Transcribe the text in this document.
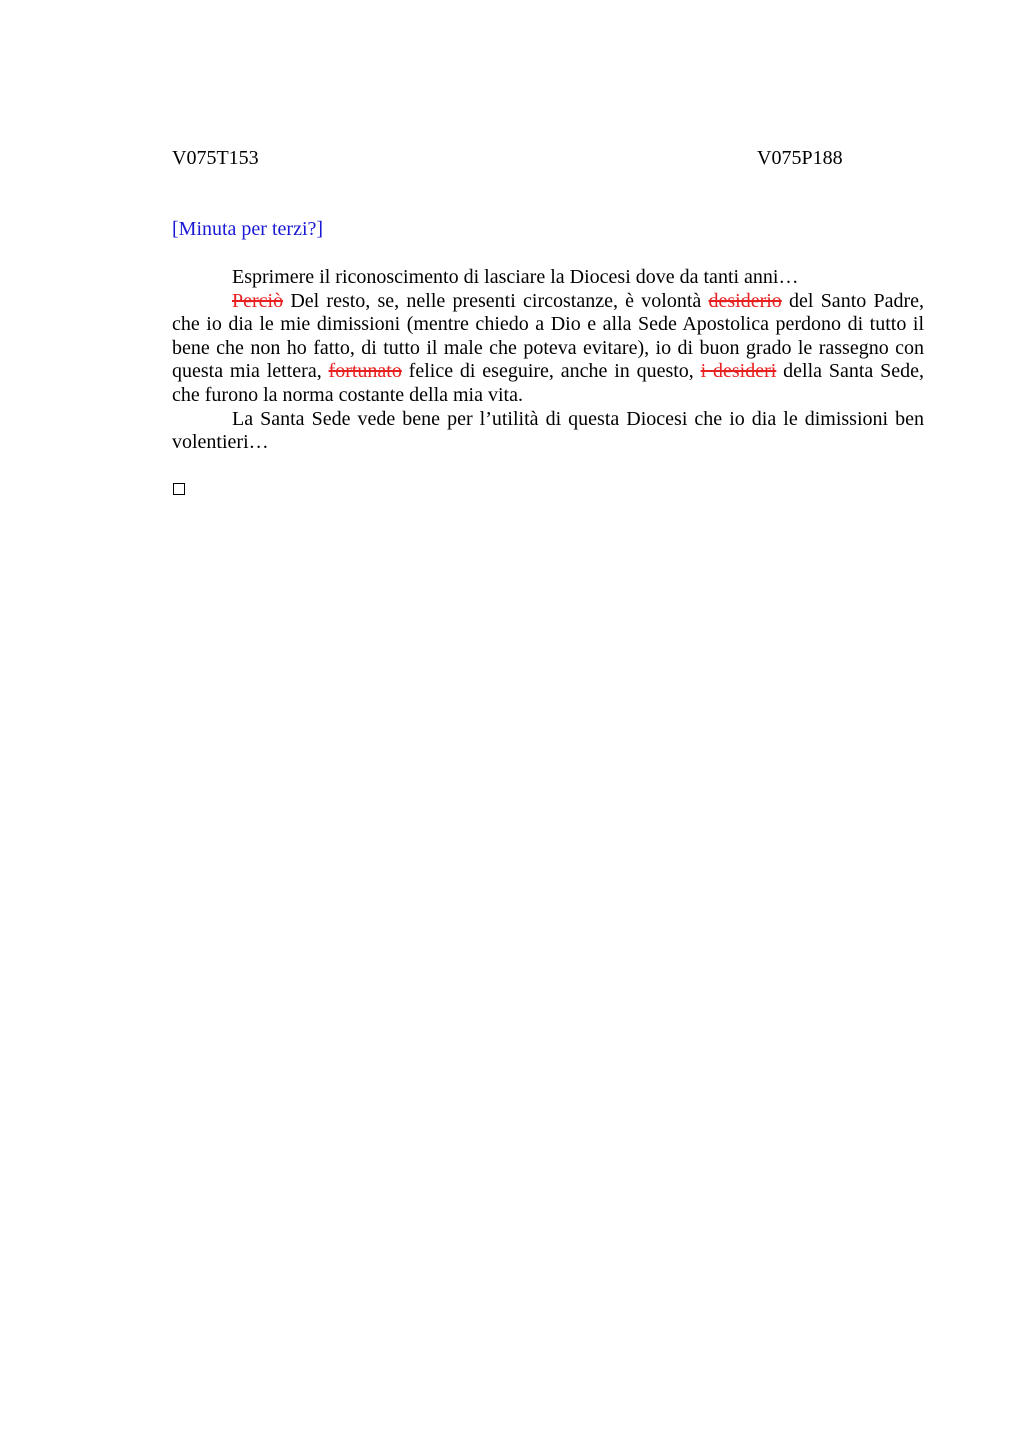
V075T153	V075P188
[Minuta per terzi?]

Esprimere il riconoscimento di lasciare la Diocesi dove da tanti anni…

Perciò Del resto, se, nelle presenti circostanze, è volontà desiderio del Santo Padre, che io dia le mie dimissioni (mentre chiedo a Dio e alla Sede Apostolica perdono di tutto il bene che non ho fatto, di tutto il male che poteva evitare), io di buon grado le rassegno con questa mia lettera, fortunato felice di eseguire, anche in questo, i desideri della Santa Sede, che furono la norma costante della mia vita.

La Santa Sede vede bene per l’utilità di questa Diocesi che io dia le dimissioni ben volentieri…
